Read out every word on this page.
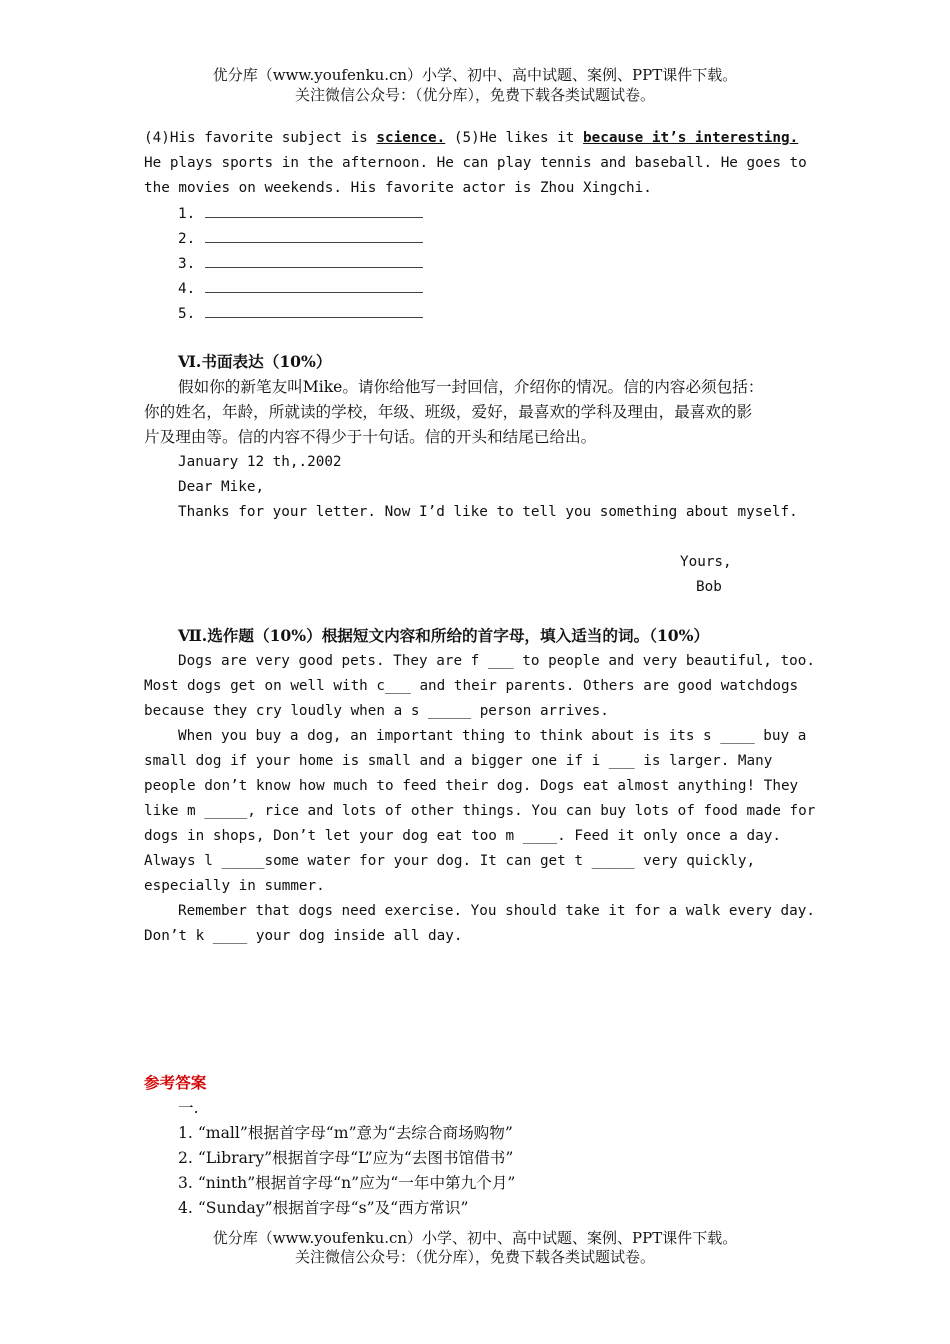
优分库（www.youfenku.cn）小学、初中、高中试题、案例、PPT课件下载。
关注微信公众号：（优分库），免费下载各类试题试卷。
(4)His favorite subject is science. (5)He likes it because it’s interesting.
He plays sports in the afternoon. He can play tennis and baseball. He goes to
the movies on weekends. His favorite actor is Zhou Xingchi.
1.
2.
3.
4.
5.
Ⅵ.书面表达（10%）
假如你的新笔友叫Mike。请你给他写一封回信，介绍你的情况。信的内容必须包括：
你的姓名，年龄，所就读的学校，年级、班级，爱好，最喜欢的学科及理由，最喜欢的影
片及理由等。信的内容不得少于十句话。信的开头和结尾已给出。
January 12 th,.2002
Dear Mike,
Thanks for your letter. Now I’d like to tell you something about myself.
Yours,
Bob
Ⅶ.选作题（10%）根据短文内容和所给的首字母，填入适当的词。（10%）
Dogs are very good pets. They are f ___ to people and very beautiful, too.
Most dogs get on well with c___ and their parents. Others are good watchdogs
because they cry loudly when a s _____ person arrives.
When you buy a dog, an important thing to think about is its s ____ buy a
small dog if your home is small and a bigger one if i ___ is larger. Many
people don’t know how much to feed their dog. Dogs eat almost anything! They
like m _____, rice and lots of other things. You can buy lots of food made for
dogs in shops, Don’t let your dog eat too m ____. Feed it only once a day.
Always l _____some water for your dog. It can get t _____ very quickly,
especially in summer.
Remember that dogs need exercise. You should take it for a walk every day.
Don’t k ____ your dog inside all day.
参考答案
一.
1. “mall”根据首字母“m”意为“去综合商场购物”
2. “Library”根据首字母“L”应为“去图书馆借书”
3. “ninth”根据首字母“n”应为“一年中第九个月”
4. “Sunday”根据首字母“s”及“西方常识”
优分库（www.youfenku.cn）小学、初中、高中试题、案例、PPT课件下载。
关注微信公众号：（优分库），免费下载各类试题试卷。
